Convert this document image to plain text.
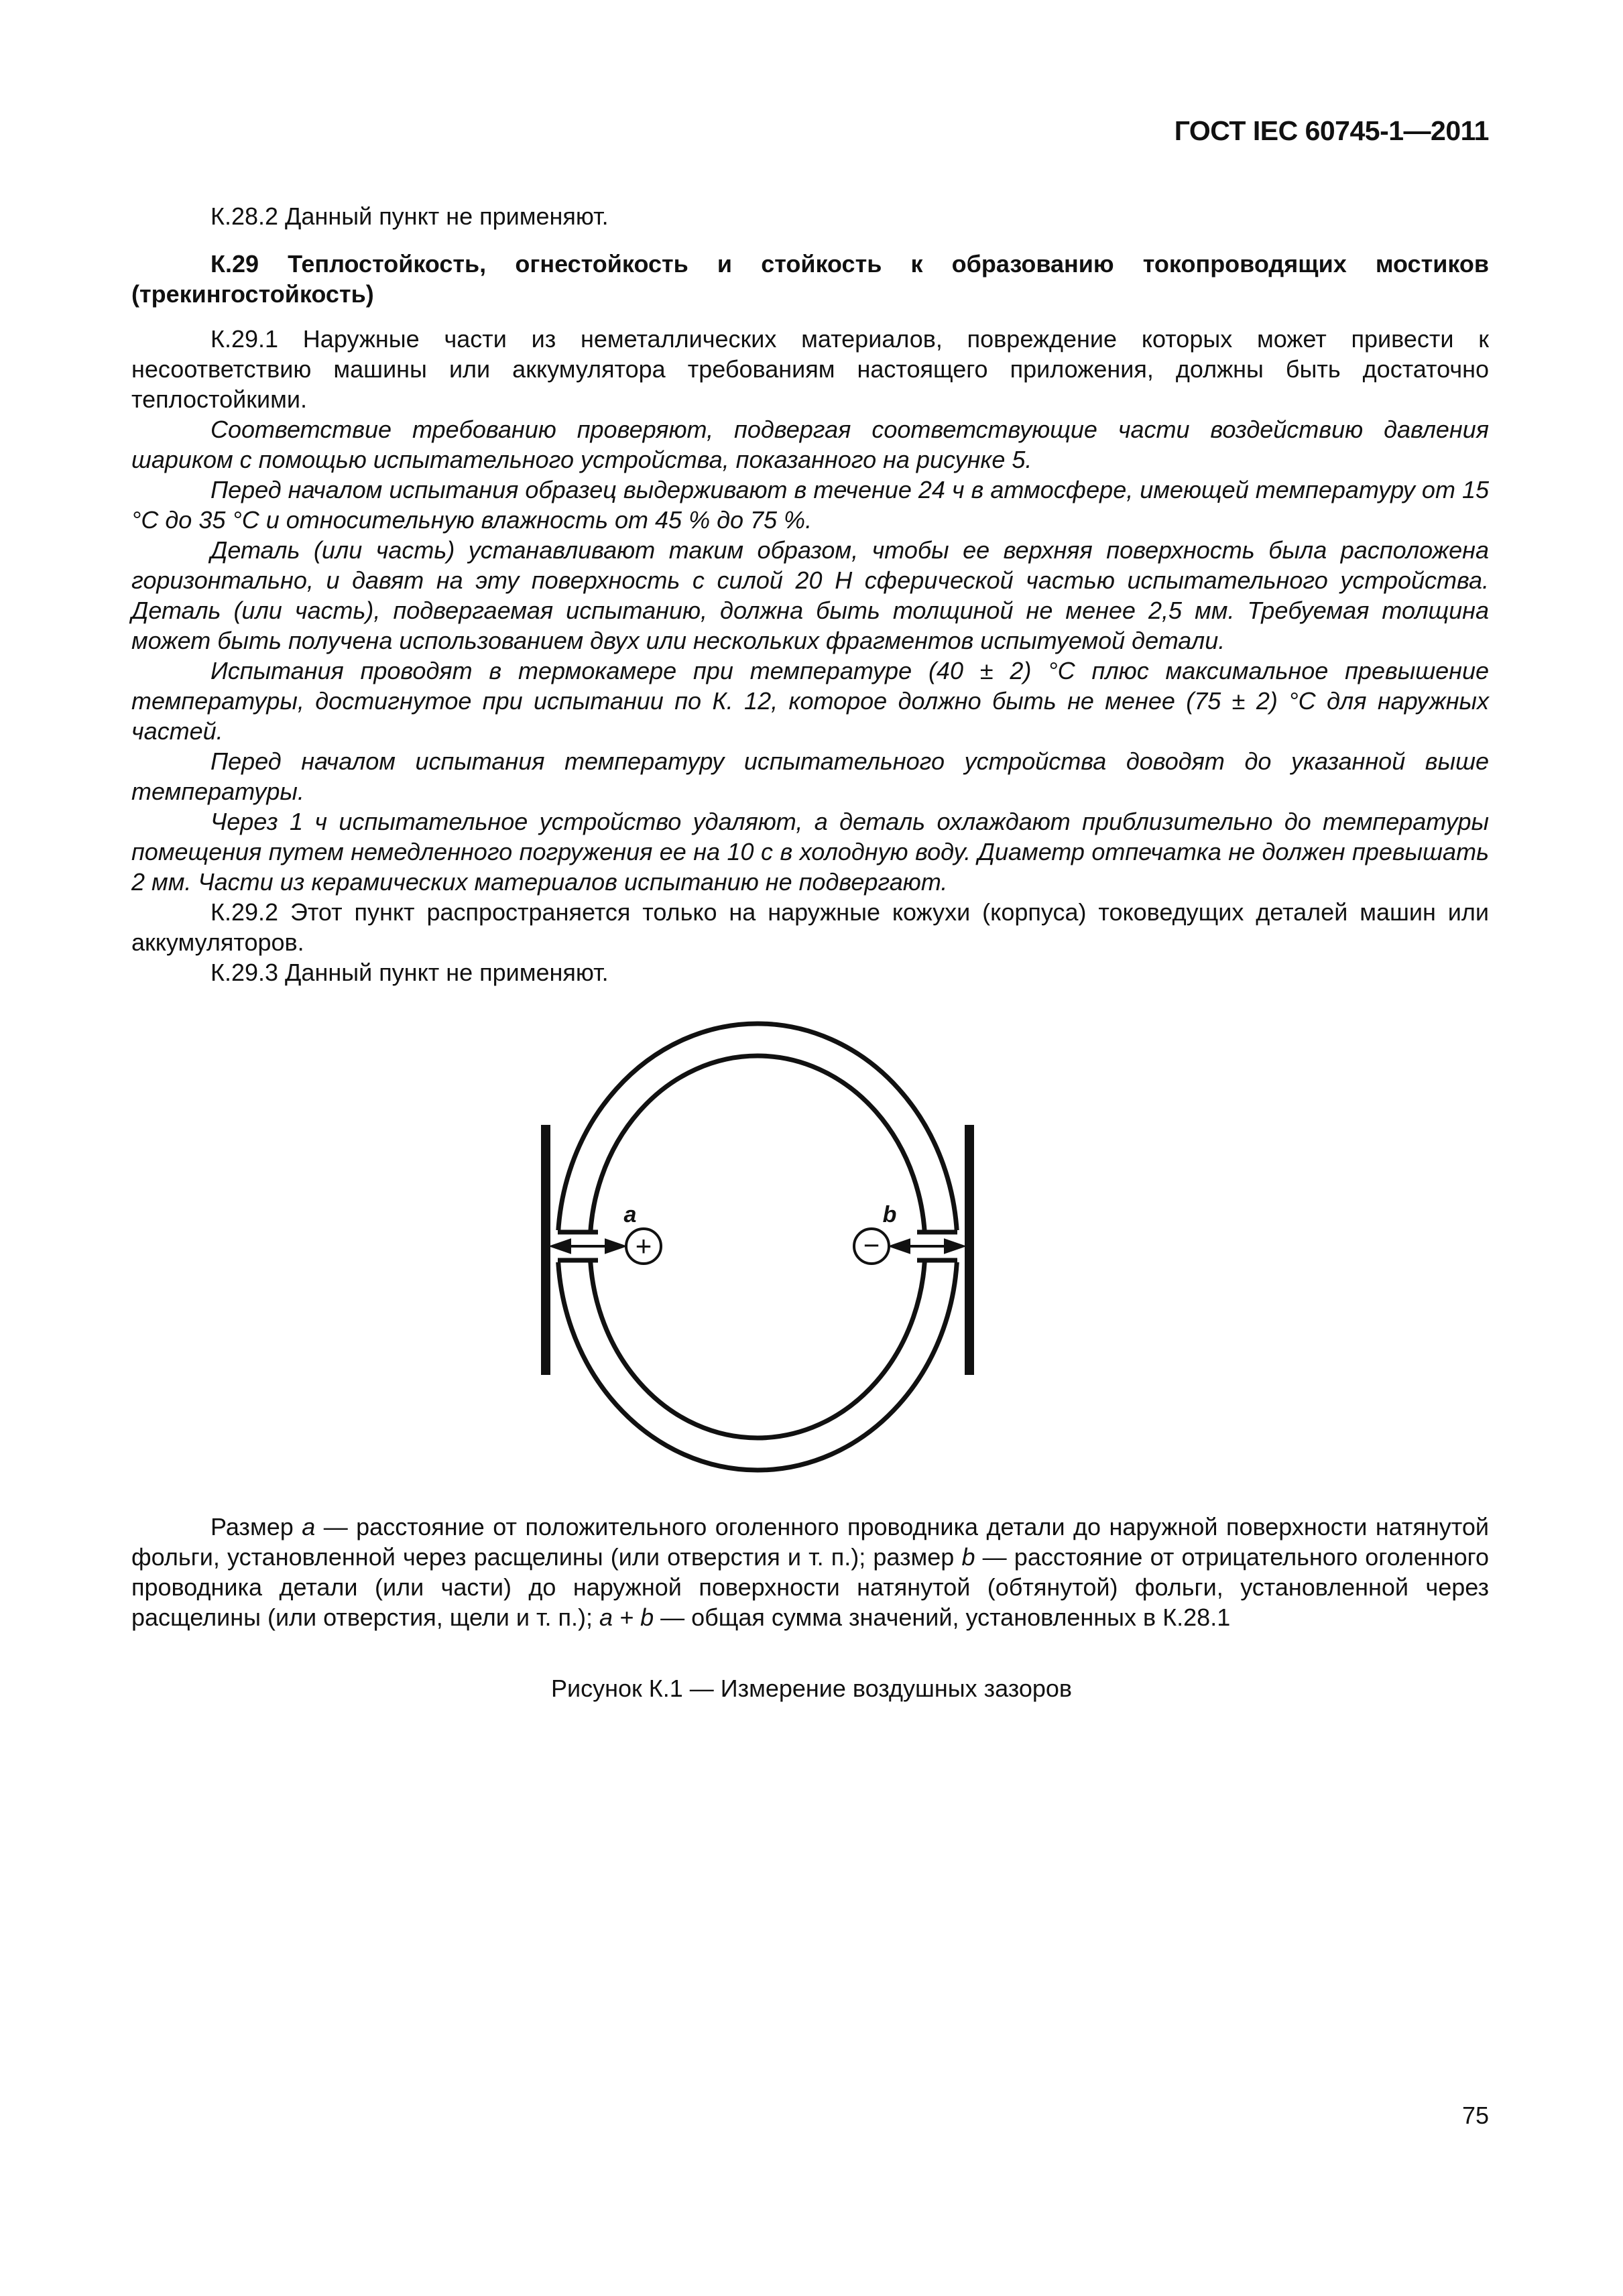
ГОСТ IEC 60745-1—2011

К.28.2 Данный пункт не применяют.

К.29 Теплостойкость, огнестойкость и стойкость к образованию токопроводящих мостиков (трекингостойкость)

К.29.1 Наружные части из неметаллических материалов, повреждение которых может привести к несоответствию машины или аккумулятора требованиям настоящего приложения, должны быть достаточно теплостойкими.

Соответствие требованию проверяют, подвергая соответствующие части воздействию давления шариком с помощью испытательного устройства, показанного на рисунке 5.

Перед началом испытания образец выдерживают в течение 24 ч в атмосфере, имеющей температуру от 15 °С до 35 °С и относительную влажность от 45 % до 75 %.

Деталь (или часть) устанавливают таким образом, чтобы ее верхняя поверхность была расположена горизонтально, и давят на эту поверхность с силой 20 Н сферической частью испытательного устройства. Деталь (или часть), подвергаемая испытанию, должна быть толщиной не менее 2,5 мм. Требуемая толщина может быть получена использованием двух или нескольких фрагментов испытуемой детали.

Испытания проводят в термокамере при температуре (40 ± 2) °С плюс максимальное превышение температуры, достигнутое при испытании по К. 12, которое должно быть не менее (75 ± 2) °С для наружных частей.

Перед началом испытания температуру испытательного устройства доводят до указанной выше температуры.

Через 1 ч испытательное устройство удаляют, а деталь охлаждают приблизительно до температуры помещения путем немедленного погружения ее на 10 с в холодную воду. Диаметр отпечатка не должен превышать 2 мм. Части из керамических материалов испытанию не подвергают.

К.29.2 Этот пункт распространяется только на наружные кожухи (корпуса) токоведущих деталей машин или аккумуляторов.

К.29.3 Данный пункт не применяют.

+	−
a	b

Размер а — расстояние от положительного оголенного проводника детали до наружной поверхности натянутой фольги, установленной через расщелины (или отверстия и т. п.); размер b — расстояние от отрицательного оголенного проводника детали (или части) до наружной поверхности натянутой (обтянутой) фольги, установленной через расщелины (или отверстия, щели и т. п.); а + b — общая сумма значений, установленных в К.28.1

Рисунок К.1 — Измерение воздушных зазоров
75
